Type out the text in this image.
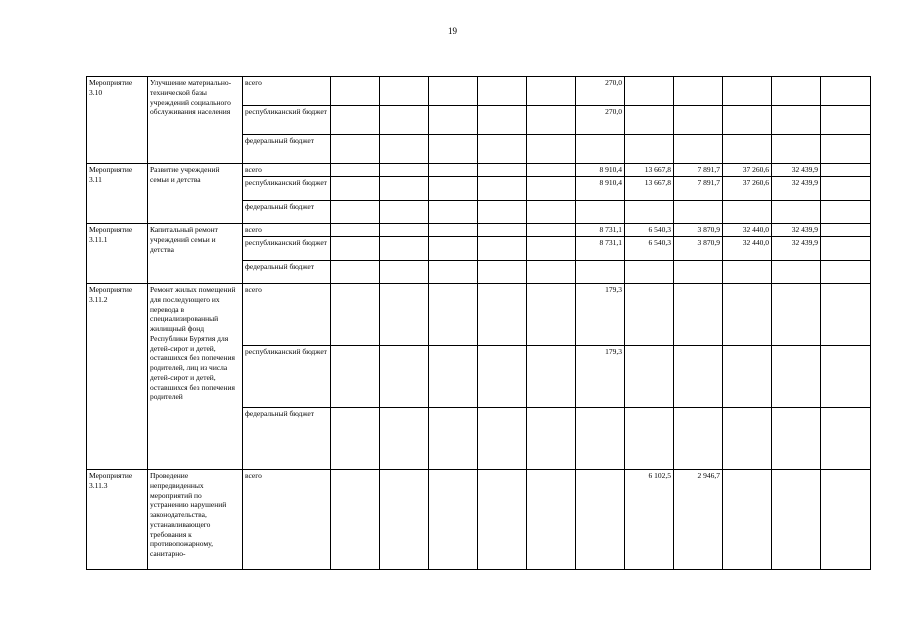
19
Мероприятие 3.10	Улучшение материально-технической базы учреждений социального обслуживания населения	всего						270,0					
		республиканский бюджет						270,0					
		федеральный бюджет											
Мероприятие 3.11	Развитие учреждений семьи и детства	всего						8 910,4	13 667,8	7 891,7	37 260,6	32 439,9	
		республиканский бюджет						8 910,4	13 667,8	7 891,7	37 260,6	32 439,9	
		федеральный бюджет											
Мероприятие 3.11.1	Капитальный ремонт учреждений семьи и детства	всего						8 731,1	6 540,3	3 870,9	32 440,0	32 439,9	
		республиканский бюджет						8 731,1	6 540,3	3 870,9	32 440,0	32 439,9	
		федеральный бюджет											
Мероприятие 3.11.2	Ремонт жилых помещений для последующего их перевода в специализированный жилищный фонд Республики Бурятия для детей-сирот и детей, оставшихся без попечения родителей, лиц из числа детей-сирот и детей, оставшихся без попечения родителей	всего						179,3					
		республиканский бюджет						179,3					
		федеральный бюджет											
Мероприятие 3.11.3	Проведение непредвиденных мероприятий по устранению нарушений законодательства, устанавливающего требования к противопожарному, санитарно-	всего							6 102,5	2 946,7			
